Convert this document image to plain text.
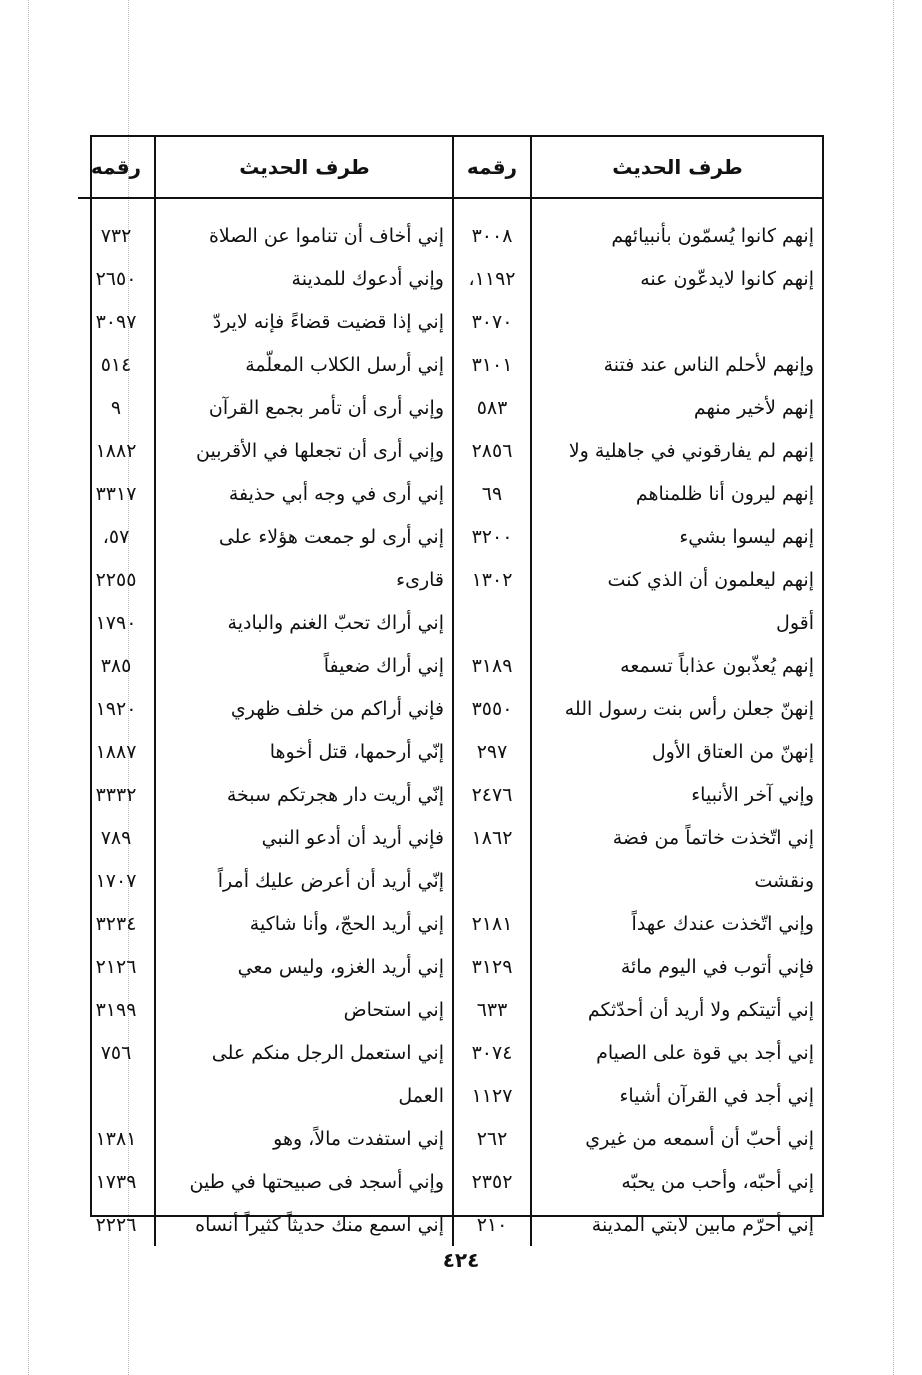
طرف الحديث	رقمه	طرف الحديث	رقمه
إنهم كانوا يُسمّون بأنبيائهم	٣٠٠٨	إني أخاف أن تناموا عن الصلاة	٧٣٢
إنهم كانوا لايدعّون عنه	١١٩٢،	وإني أدعوك للمدينة	٢٦٥٠
	٣٠٧٠	إني إذا قضيت قضاءً فإنه لايردّ	٣٠٩٧
وإنهم لأحلم الناس عند فتنة	٣١٠١	إني أرسل الكلاب المعلّمة	٥١٤
إنهم لأخير منهم	٥٨٣	وإني أرى أن تأمر بجمع القرآن	٩
إنهم لم يفارقوني في جاهلية ولا	٢٨٥٦	وإني أرى أن تجعلها في الأقربين	١٨٨٢
إنهم ليرون أنا ظلمناهم	٦٩	إني أرى في وجه أبي حذيفة	٣٣١٧
إنهم ليسوا بشيء	٣٢٠٠	إني أرى لو جمعت هؤلاء على	٥٧،
إنهم ليعلمون أن الذي كنت	١٣٠٢	قارىء	٢٢٥٥
أقول		إني أراك تحبّ الغنم والبادية	١٧٩٠
إنهم يُعذّبون عذاباً تسمعه	٣١٨٩	إني أراك ضعيفاً	٣٨٥
إنهنّ جعلن رأس بنت رسول الله	٣٥٥٠	فإني أراكم من خلف ظهري	١٩٢٠
إنهنّ من العتاق الأول	٢٩٧	إنّي أرحمها، قتل أخوها	١٨٨٧
وإني آخر الأنبياء	٢٤٧٦	إنّي أريت دار هجرتكم سبخة	٣٣٣٢
إني اتّخذت خاتماً من فضة	١٨٦٢	فإني أريد أن أدعو النبي	٧٨٩
ونقشت		إنّي أريد أن أعرض عليك أمراً	١٧٠٧
وإني اتّخذت عندك عهداً	٢١٨١	إني أريد الحجّ، وأنا شاكية	٣٢٣٤
فإني أتوب في اليوم مائة	٣١٢٩	إني أريد الغزو، وليس معي	٢١٢٦
إني أتيتكم ولا أريد أن أحدّثكم	٦٣٣	إني استحاض	٣١٩٩
إني أجد بي قوة على الصيام	٣٠٧٤	إني استعمل الرجل منكم على	٧٥٦
إني أجد في القرآن أشياء	١١٢٧	العمل	
إني أحبّ أن أسمعه من غيري	٢٦٢	إني استفدت مالاً، وهو	١٣٨١
إني أحبّه، وأحب من يحبّه	٢٣٥٢	وإني أسجد فى صبيحتها في طين	١٧٣٩
إني أحرّم مابين لابتي المدينة	٢١٠	إني اسمع منك حديثاً كثيراً أنساه	٢٢٢٦
٤٢٤
